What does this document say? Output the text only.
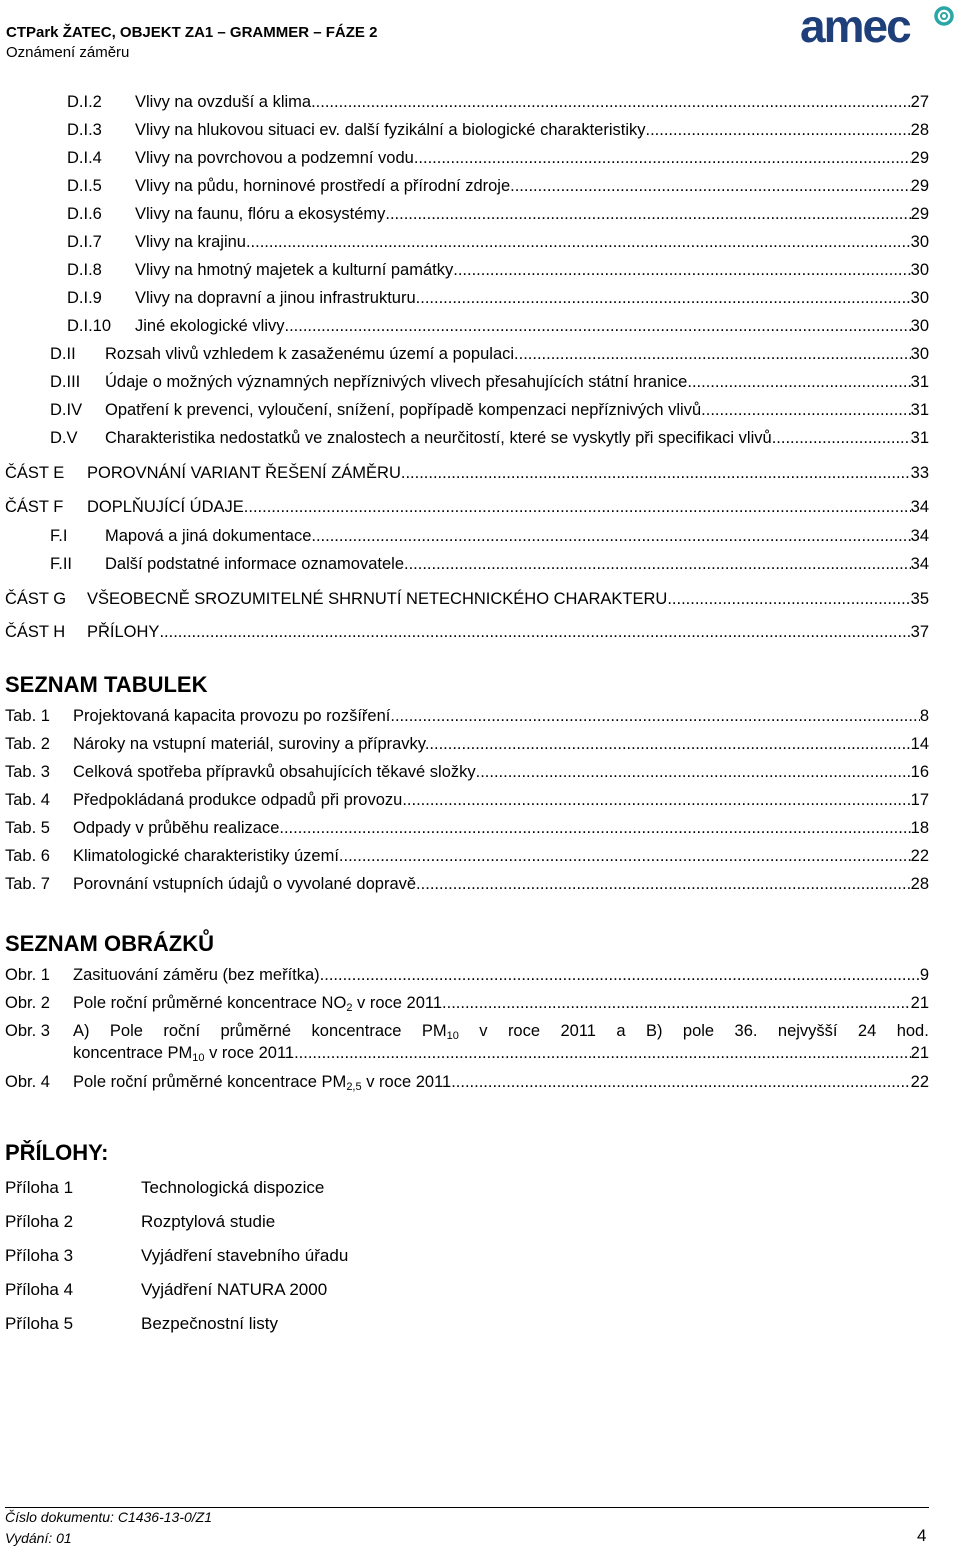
CTPark ŽATEC, OBJEKT ZA1 – GRAMMER – FÁZE 2
Oznámení záměru
amec
D.I.2	Vlivy na ovzduší a klima .....	27
D.I.3	Vlivy na hlukovou situaci ev. další fyzikální a biologické charakteristiky .....	28
D.I.4	Vlivy na povrchovou a podzemní vodu .....	29
D.I.5	Vlivy na půdu, horninové prostředí a přírodní zdroje .....	29
D.I.6	Vlivy na faunu, flóru a ekosystémy .....	29
D.I.7	Vlivy na krajinu .....	30
D.I.8	Vlivy na hmotný majetek a kulturní památky .....	30
D.I.9	Vlivy na dopravní a jinou infrastrukturu .....	30
D.I.10	Jiné ekologické vlivy .....	30
D.II	Rozsah vlivů vzhledem k zasaženému území a populaci .....	30
D.III	Údaje o možných významných nepříznivých vlivech přesahujících státní hranice .....	31
D.IV	Opatření k prevenci, vyloučení, snížení, popřípadě kompenzaci nepříznivých vlivů .....	31
D.V	Charakteristika nedostatků ve znalostech a neurčitostí, které se vyskytly při specifikaci vlivů .....	31
ČÁST E	POROVNÁNÍ VARIANT ŘEŠENÍ ZÁMĚRU .....	33
ČÁST F	DOPLŇUJÍCÍ ÚDAJE .....	34
F.I	Mapová a jiná dokumentace .....	34
F.II	Další podstatné informace oznamovatele .....	34
ČÁST G	VŠEOBECNĚ SROZUMITELNÉ SHRNUTÍ NETECHNICKÉHO CHARAKTERU .....	35
ČÁST H	PŘÍLOHY .....	37
SEZNAM TABULEK
Tab. 1	Projektovaná kapacita provozu po rozšíření. .....	8
Tab. 2	Nároky na vstupní materiál, suroviny a přípravky. .....	14
Tab. 3	Celková spotřeba přípravků obsahujících těkavé složky .....	16
Tab. 4	Předpokládaná produkce odpadů při provozu. .....	17
Tab. 5	Odpady v průběhu realizace. .....	18
Tab. 6	Klimatologické charakteristiky území. .....	22
Tab. 7	Porovnání vstupních údajů o vyvolané dopravě. .....	28
SEZNAM OBRÁZKŮ
Obr. 1	Zasituování záměru (bez meřítka) .....	9
Obr. 2	Pole roční průměrné koncentrace $NO_2$ v roce 2011 .....	21
Obr. 3 A) Pole roční průměrné koncentrace $PM_{10}$ v roce 2011 a B) pole 36. nejvyšší 24 hod.
koncentrace $PM_{10}$ v roce 2011 .....	21
Obr. 4	Pole roční průměrné koncentrace $PM_{2,5}$ v roce 2011 .....	22
PŘÍLOHY:
Příloha 1	Technologická dispozice
Příloha 2	Rozptylová studie
Příloha 3	Vyjádření stavebního úřadu
Příloha 4	Vyjádření NATURA 2000
Příloha 5	Bezpečnostní listy
Číslo dokumentu: C1436-13-0/Z1
Vydání: 01	4
